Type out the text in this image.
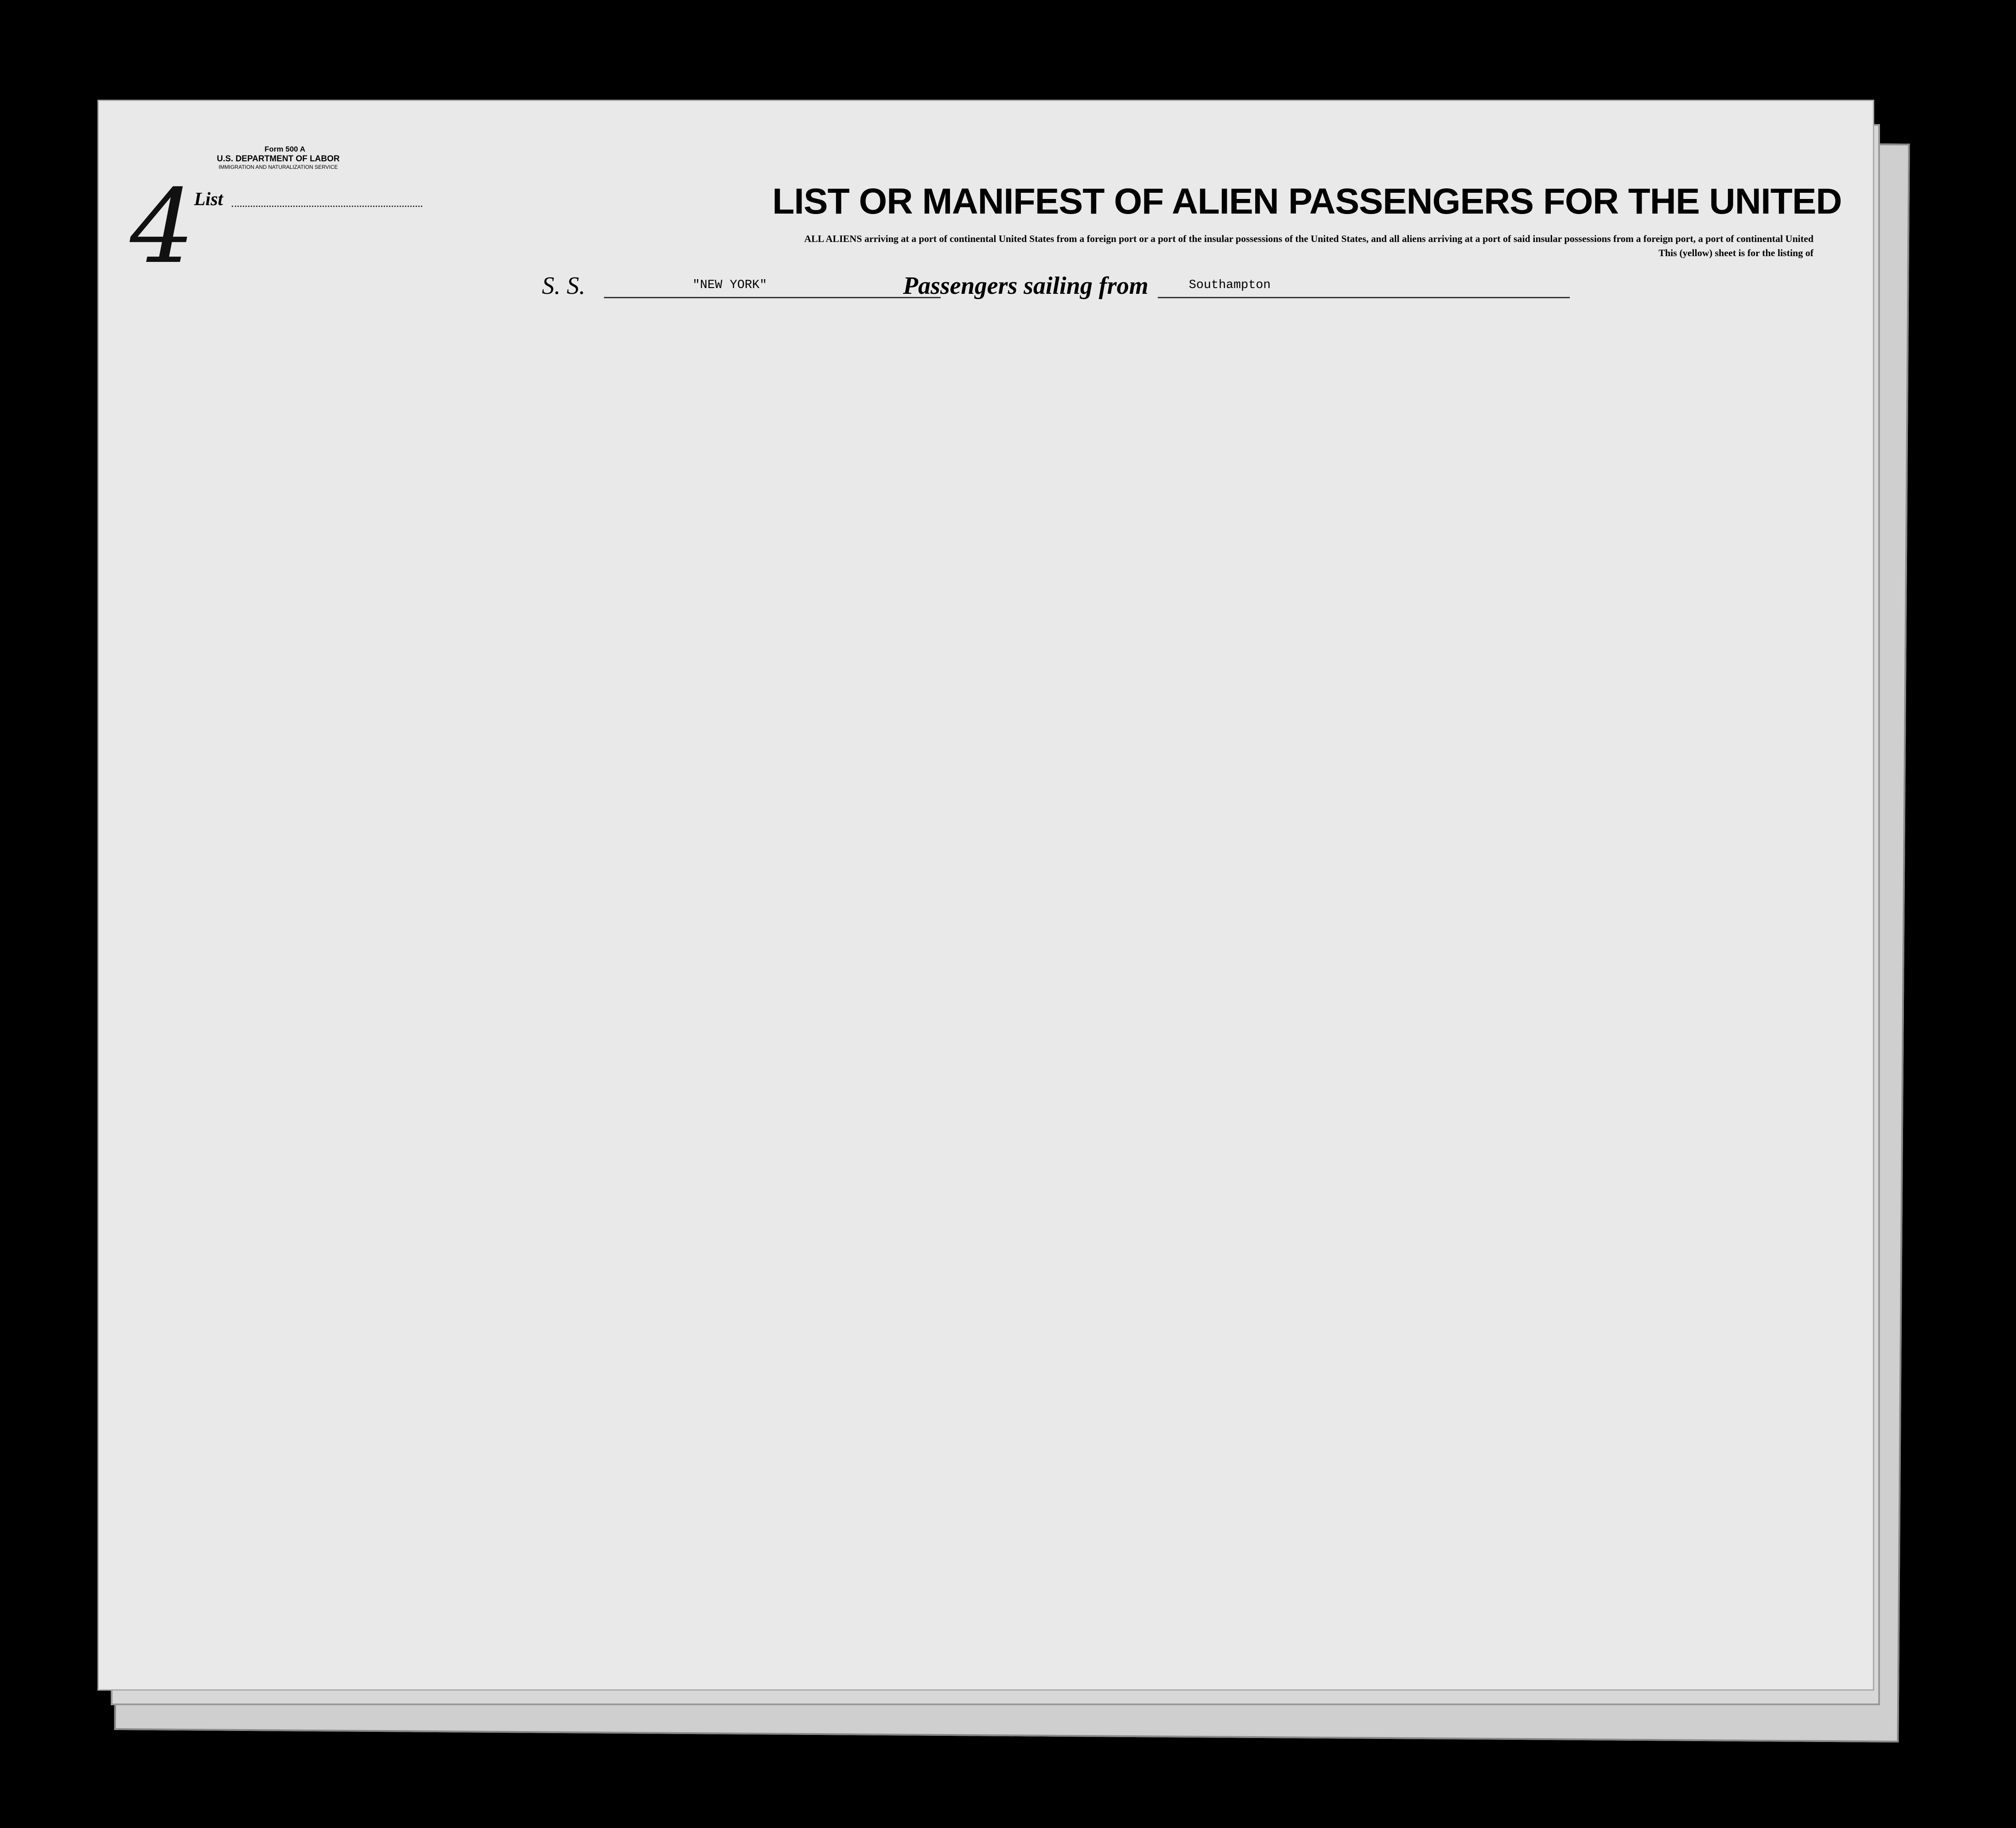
Form 500 A
U.S. DEPARTMENT OF LABOR
IMMIGRATION AND NATURALIZATION SERVICE
4
List	LIST OR MANIFEST OF ALIEN PASSENGERS FOR THE UNITED
ALL ALIENS arriving at a port of continental United States from a foreign port or a port of the insular possessions of the United States, and all aliens arriving at a port of said insular possessions from a foreign port, a port of continental United
This (yellow) sheet is for the listing of
S. S.	"NEW YORK"	Passengers sailing from	Southampton
14—430
